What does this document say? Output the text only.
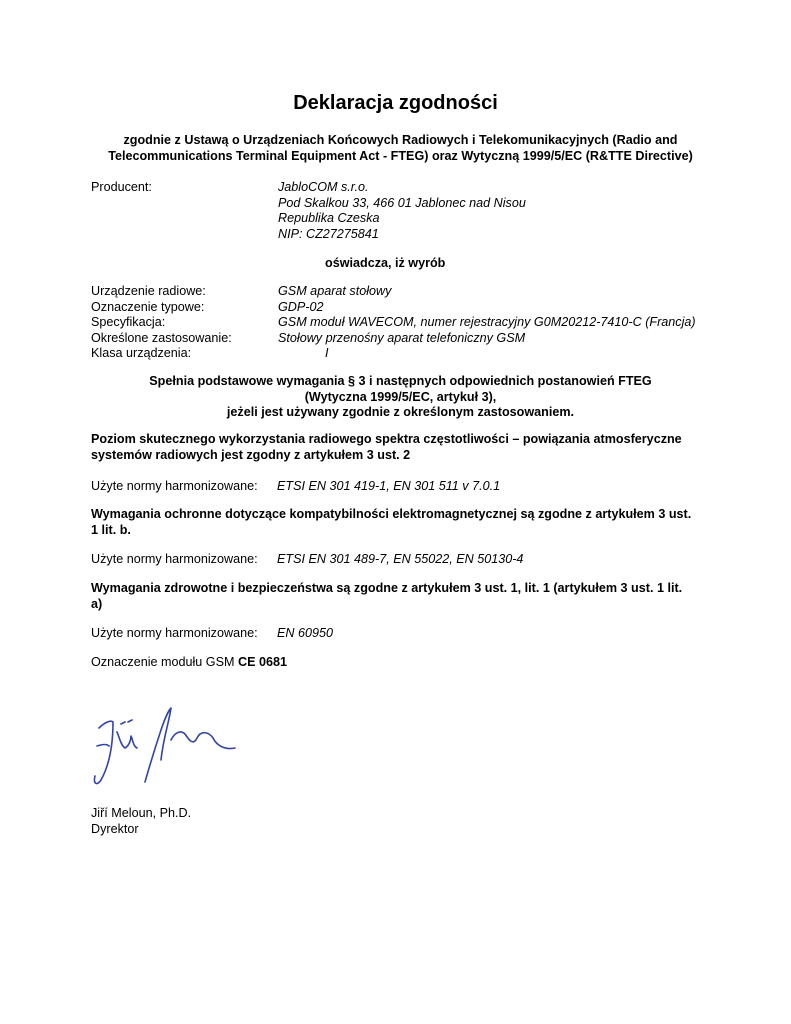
Deklaracja zgodności
zgodnie z Ustawą o Urządzeniach Końcowych Radiowych i Telekomunikacyjnych (Radio and
Telecommunications Terminal Equipment Act - FTEG) oraz Wytyczną 1999/5/EC (R&TTE Directive)
Producent:	JabloCOM s.r.o.
Pod Skalkou 33, 466 01 Jablonec nad Nisou
Republika Czeska
NIP: CZ27275841
oświadcza, iż wyrób
Urządzenie radiowe:	GSM aparat stołowy
Oznaczenie typowe:	GDP-02
Specyfikacja:	GSM moduł WAVECOM, numer rejestracyjny G0M20212-7410-C (Francja)
Określone zastosowanie:	Stołowy przenośny aparat telefoniczny GSM
Klasa urządzenia:	I
Spełnia podstawowe wymagania § 3 i następnych odpowiednich postanowień FTEG
(Wytyczna 1999/5/EC, artykuł 3),
jeżeli jest używany zgodnie z określonym zastosowaniem.
Poziom skutecznego wykorzystania radiowego spektra częstotliwości – powiązania atmosferyczne
systemów radiowych jest zgodny z artykułem 3 ust. 2
Użyte normy harmonizowane: ETSI EN 301 419-1, EN 301 511 v 7.0.1
Wymagania ochronne dotyczące kompatybilności elektromagnetycznej są zgodne z artykułem 3 ust.
1 lit. b.
Użyte normy harmonizowane: ETSI EN 301 489-7, EN 55022, EN 50130-4
Wymagania zdrowotne i bezpieczeństwa są zgodne z artykułem 3 ust. 1, lit. 1 (artykułem 3 ust. 1 lit.
a)
Użyte normy harmonizowane: EN 60950
Oznaczenie modułu GSM CE 0681
Jiří Meloun, Ph.D.
Dyrektor
